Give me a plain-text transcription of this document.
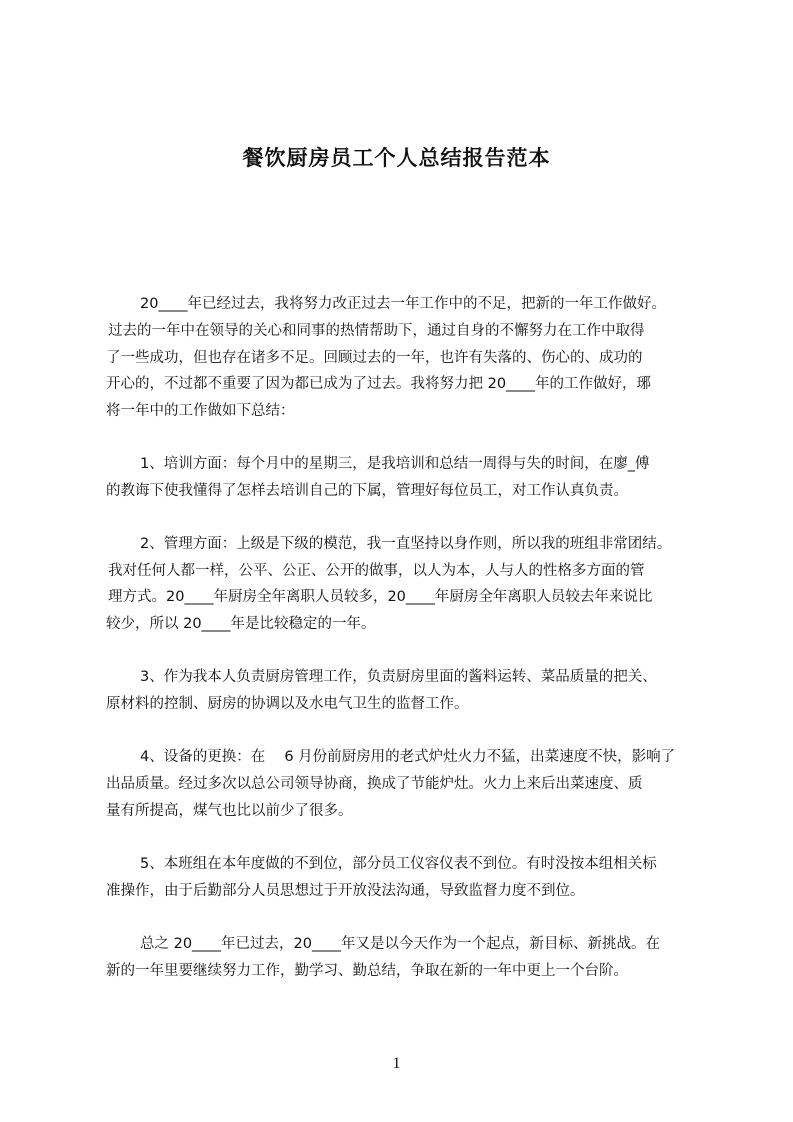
餐饮厨房员工个人总结报告范本
20____年已经过去，我将努力改正过去一年工作中的不足，把新的一年工作做好。
过去的一年中在领导的关心和同事的热情帮助下，通过自身的不懈努力在工作中取得
了一些成功，但也存在诸多不足。回顾过去的一年，也许有失落的、伤心的、成功的
开心的，不过都不重要了因为都已成为了过去。我将努力把 20____年的工作做好，琊
将一年中的工作做如下总结：
1、培训方面：每个月中的星期三，是我培训和总结一周得与失的时间，在廖_傅
的教诲下使我懂得了怎样去培训自己的下属，管理好每位员工，对工作认真负责。
2、管理方面：上级是下级的模范，我一直坚持以身作则，所以我的班组非常团结。
我对任何人都一样，公平、公正、公开的做事，以人为本，人与人的性格多方面的管
理方式。20____年厨房全年离职人员较多，20____年厨房全年离职人员较去年来说比
较少，所以 20____年是比较稳定的一年。
3、作为我本人负责厨房管理工作，负责厨房里面的酱料运转、菜品质量的把关、
原材料的控制、厨房的协调以及水电气卫生的监督工作。
4、设备的更换：在　 6 月份前厨房用的老式炉灶火力不猛，出菜速度不快，影响了
出品质量。经过多次以总公司领导协商，换成了节能炉灶。火力上来后出菜速度、质
量有所提高，煤气也比以前少了很多。
5、本班组在本年度做的不到位，部分员工仪容仪表不到位。有时没按本组相关标
准操作，由于后勤部分人员思想过于开放没法沟通，导致监督力度不到位。
总之 20____年已过去，20____年又是以今天作为一个起点，新目标、新挑战。在
新的一年里要继续努力工作，勤学习、勤总结，争取在新的一年中更上一个台阶。
1
